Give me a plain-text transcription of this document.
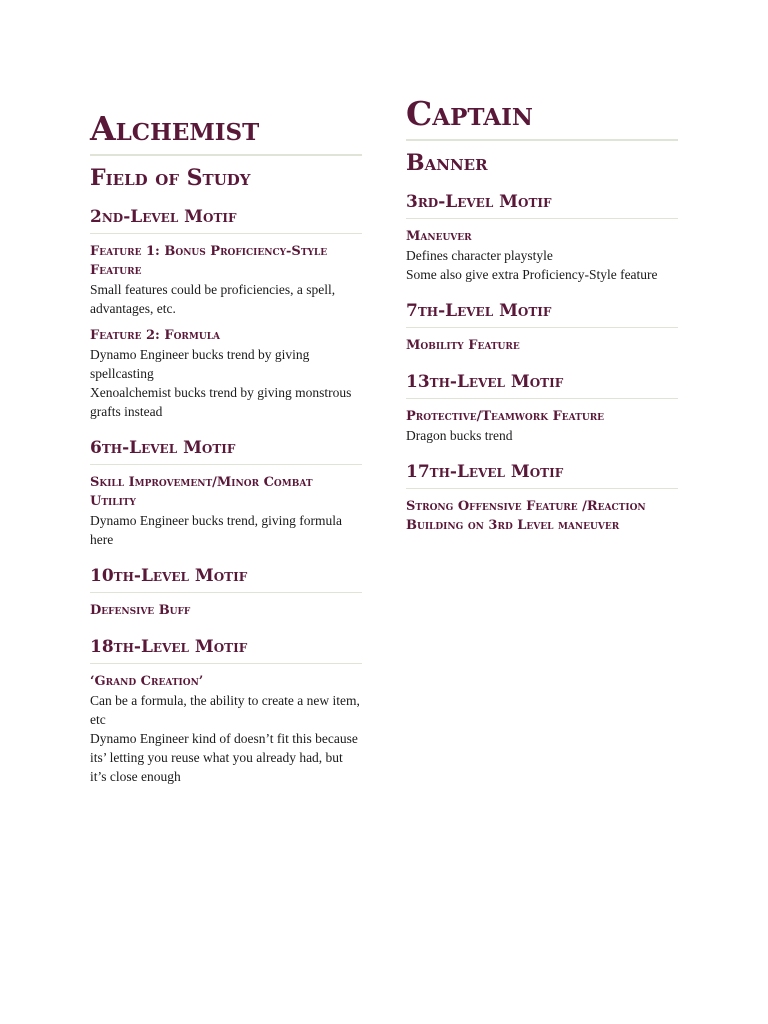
Alchemist
Field of Study
2nd-Level Motif
Feature 1: Bonus Proficiency-Style Feature

Small features could be proficiencies, a spell, advantages, etc.

Feature 2: Formula

Dynamo Engineer bucks trend by giving spellcasting

Xenoalchemist bucks trend by giving monstrous grafts instead

6th-Level Motif
Skill Improvement/Minor Combat Utility

Dynamo Engineer bucks trend, giving formula here

10th-Level Motif
Defensive Buff
18th-Level Motif
‘Grand Creation’

Can be a formula, the ability to create a new item, etc

Dynamo Engineer kind of doesn’t fit this because its’ letting you reuse what you already had, but it’s close enough

Captain
Banner
3rd-Level Motif
Maneuver

Defines character playstyle

Some also give extra Proficiency-Style feature

7th-Level Motif
Mobility Feature
13th-Level Motif
Protective/Teamwork Feature

Dragon bucks trend

17th-Level Motif
Strong Offensive Feature /Reaction Building on 3rd Level maneuver
